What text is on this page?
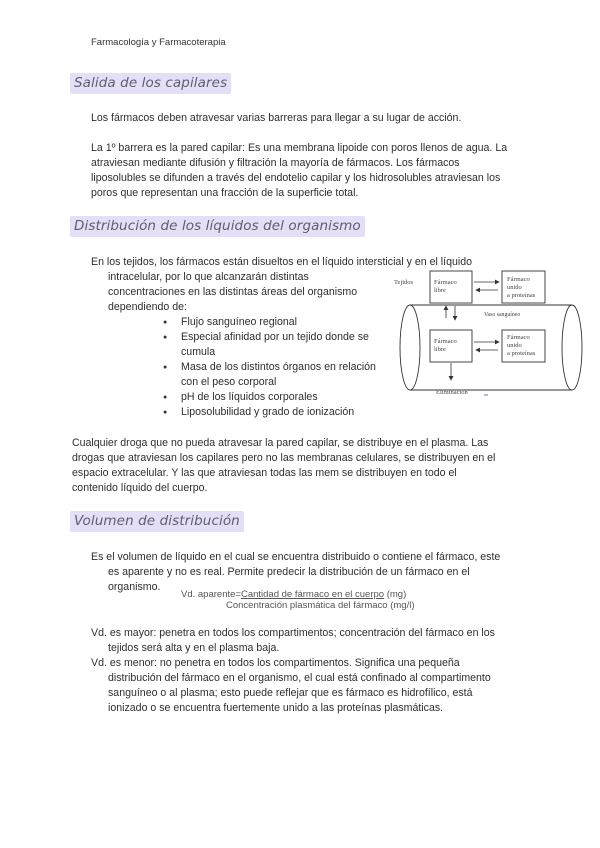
Farmacología y Farmacoterapia
Salida de los capilares
Los fármacos deben atravesar varias barreras para llegar a su lugar de acción.
La 1º barrera es la pared capilar: Es una membrana lipoide con poros llenos de agua. La
atraviesan mediante difusión y filtración la mayoría de fármacos. Los fármacos
liposolubles se difunden a través del endotelio capilar y los hidrosolubles atraviesan los
poros que representan una fracción de la superficie total.
Distribución de los líquidos del organismo
En los tejidos, los fármacos están disueltos en el líquido intersticial y en el líquido
intracelular, por lo que alcanzarán distintas
concentraciones en las distintas áreas del organismo
dependiendo de:
● Flujo sanguíneo regional
● Especial afinidad por un tejido donde se cumula
● Masa de los distintos órganos en relación con el peso corporal
● pH de los líquidos corporales
● Liposolubilidad y grado de ionización
Fármaco
libre
Fármaco
unido
a proteínas
Tejidos
Vaso sanguíneo
Fármaco
libre
Fármaco
unido
a proteínas
Eliminación
Cualquier droga que no pueda atravesar la pared capilar, se distribuye en el plasma. Las
drogas que atraviesan los capilares pero no las membranas celulares, se distribuyen en el
espacio extracelular. Y las que atraviesan todas las mem se distribuyen en todo el
contenido líquido del cuerpo.
Volumen de distribución
Es el volumen de líquido en el cual se encuentra distribuido o contiene el fármaco, este
es aparente y no es real. Permite predecir la distribución de un fármaco en el
organismo.
Vd. aparente=Cantidad de fármaco en el cuerpo (mg)
Concentración plasmática del fármaco (mg/l)
Vd. es mayor: penetra en todos los compartimentos; concentración del fármaco en los
tejidos será alta y en el plasma baja.
Vd. es menor: no penetra en todos los compartimentos. Significa una pequeña
distribución del fármaco en el organismo, el cual está confinado al compartimento
sanguíneo o al plasma; esto puede reflejar que es fármaco es hidrofílico, está
ionizado o se encuentra fuertemente unido a las proteínas plasmáticas.
